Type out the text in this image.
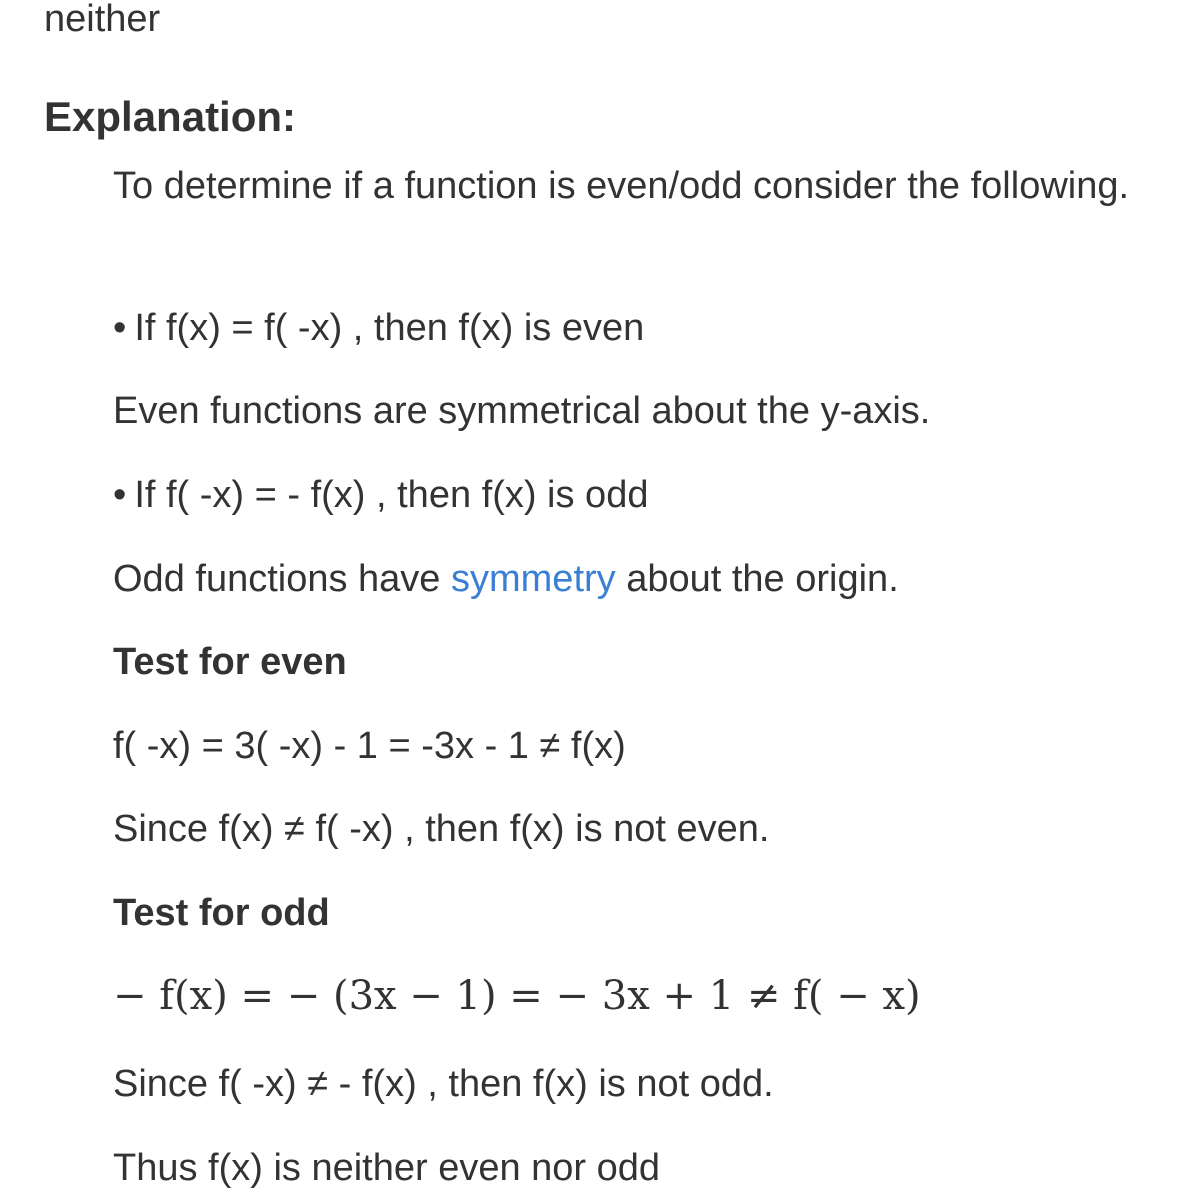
neither
Explanation:
To determine if a function is even/odd consider the following.
• If f(x) = f( -x) , then f(x) is even
Even functions are symmetrical about the y-axis.
• If f( -x) = - f(x) , then f(x) is odd
Odd functions have symmetry about the origin.
Test for even
f( -x) = 3( -x) - 1 = -3x - 1 ≠ f(x)
Since f(x) ≠ f( -x) , then f(x) is not even.
Test for odd
− f(x) = − (3x − 1) = − 3x + 1 ≠ f( − x)
Since f( -x) ≠ - f(x) , then f(x) is not odd.
Thus f(x) is neither even nor odd
